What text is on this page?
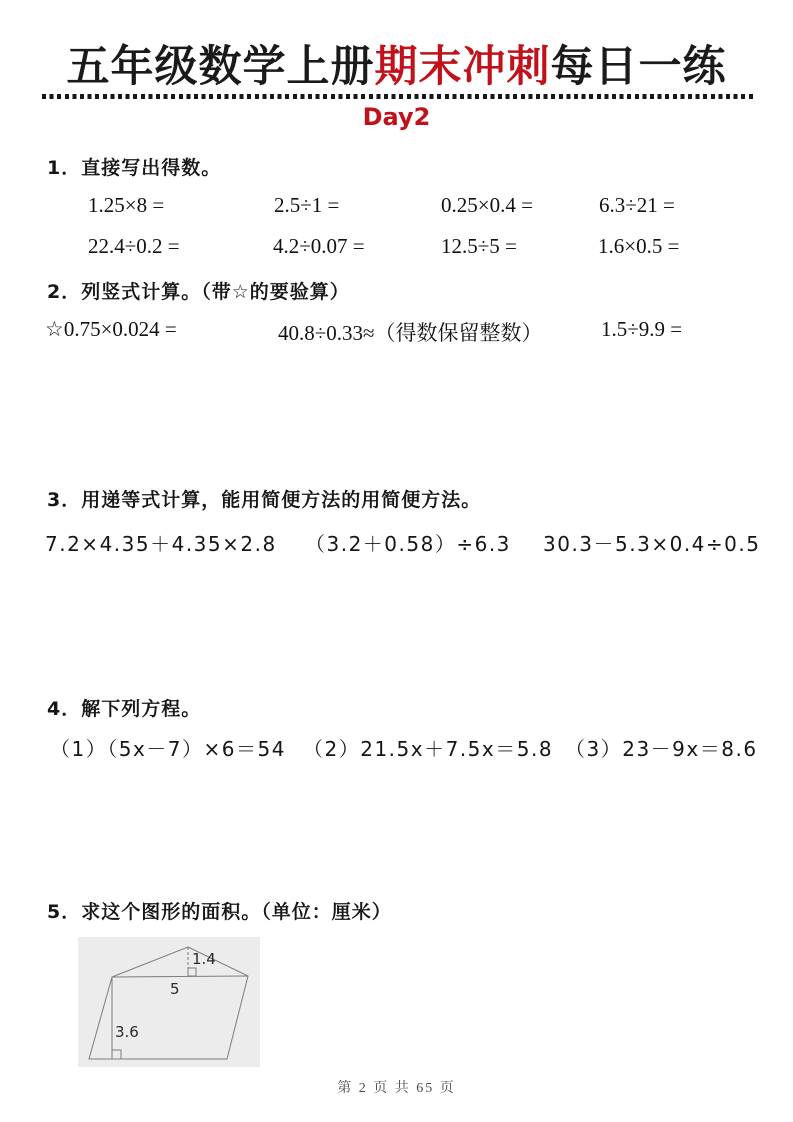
五年级数学上册期末冲刺每日一练
Day2
1．直接写出得数。
1.25×8 =	2.5÷1 =	0.25×0.4 =	6.3÷21 =
22.4÷0.2 =	4.2÷0.07 =	12.5÷5 =	1.6×0.5 =
2．列竖式计算。（带☆的要验算）
☆0.75×0.024 =	40.8÷0.33≈（得数保留整数）	1.5÷9.9 =
3．用递等式计算，能用简便方法的用简便方法。
7.2×4.35＋4.35×2.8 （3.2＋0.58）÷6.3 30.3－5.3×0.4÷0.5
4．解下列方程。
（1）（5x－7）×6＝54 （2）21.5x＋7.5x＝5.8 （3）23－9x＝8.6
5．求这个图形的面积。（单位：厘米）
1.4
5
3.6
第 2 页 共 65 页
